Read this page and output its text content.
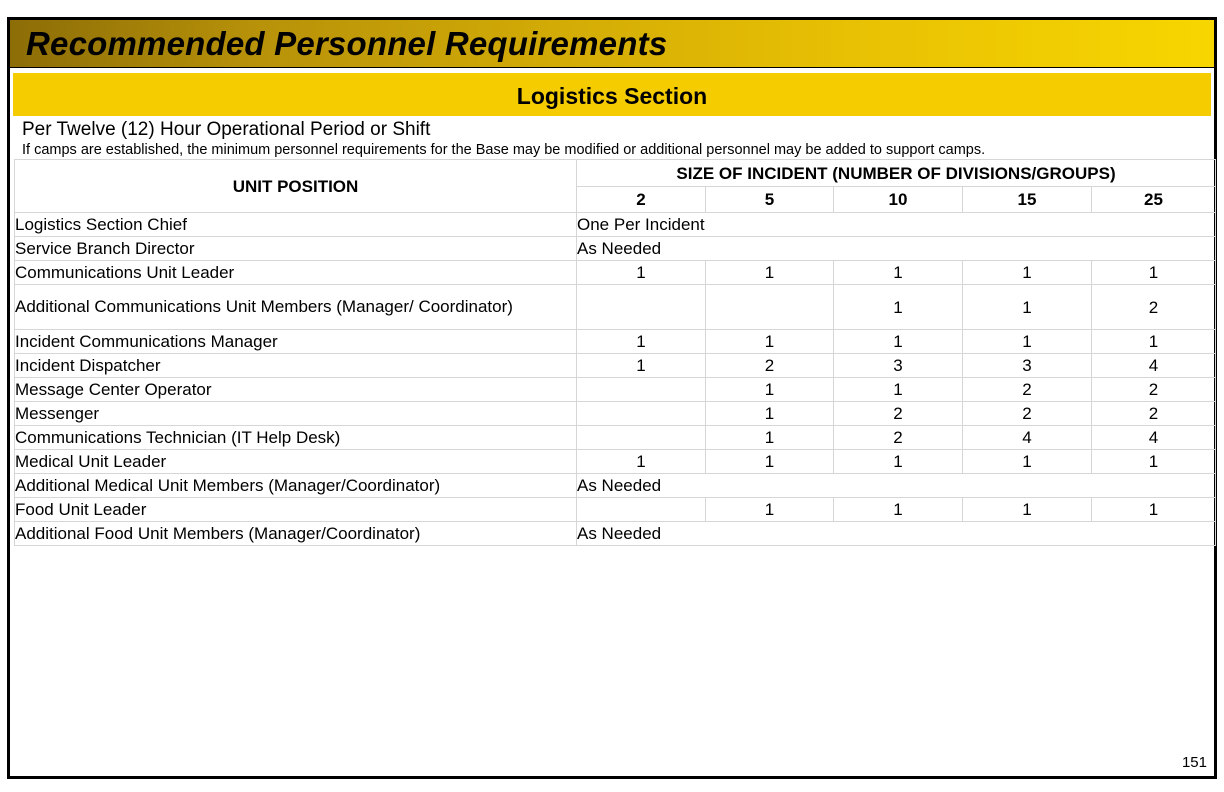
Recommended Personnel Requirements
Logistics Section
Per Twelve (12) Hour Operational Period or Shift
If camps are established, the minimum personnel requirements for the Base may be modified or additional personnel may be added to support camps.
UNIT POSITION	SIZE OF INCIDENT (NUMBER OF DIVISIONS/GROUPS)				
	2	5	10	15	25
Logistics Section Chief	One Per Incident				
Service Branch Director	As Needed				
Communications Unit Leader	1	1	1	1	1
Additional Communications Unit Members (Manager/ Coordinator)			1	1	2
Incident Communications Manager	1	1	1	1	1
Incident Dispatcher	1	2	3	3	4
Message Center Operator		1	1	2	2
Messenger		1	2	2	2
Communications Technician (IT Help Desk)		1	2	4	4
Medical Unit Leader	1	1	1	1	1
Additional Medical Unit Members (Manager/Coordinator)	As Needed				
Food Unit Leader		1	1	1	1
Additional Food Unit Members (Manager/Coordinator)	As Needed				
151
